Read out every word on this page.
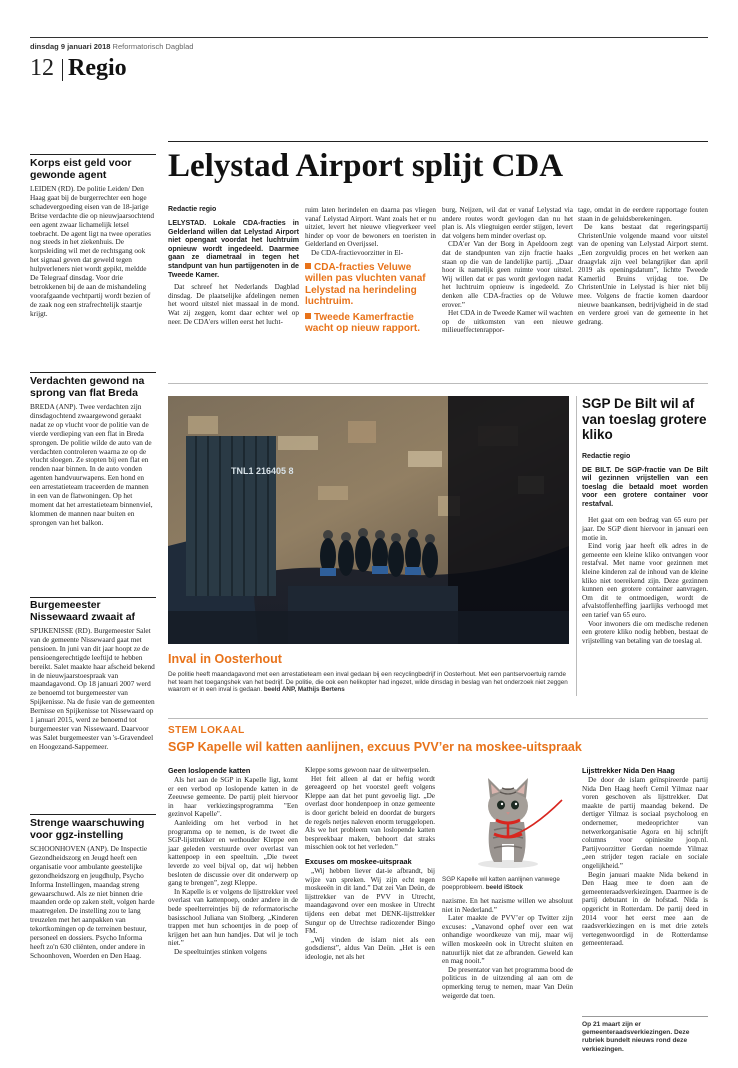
dinsdag 9 januari 2018 Reformatorisch Dagblad
12 Regio
Korps eist geld voor gewonde agent
LEIDEN (RD). De politie Leiden/ Den Haag gaat bij de burgerrechter een hoge schadevergoeding eisen van de 18-jarige Britse verdachte die op nieuwjaarsochtend een agent zwaar lichamelijk letsel toebracht. De agent ligt na twee operaties nog steeds in het ziekenhuis. De korpsleiding wil met de rechtsgang ook het signaal geven dat geweld tegen hulpverleners niet wordt gepikt, meldde De Telegraaf dinsdag. Voor drie betrokkenen bij de aan de mishandeling voorafgaande vechtpartij wordt bezien of de zaak nog een strafrechtelijk staartje krijgt.
Verdachten gewond na sprong van flat Breda
BREDA (ANP). Twee verdachten zijn dinsdagochtend zwaargewond geraakt nadat ze op vlucht voor de politie van de vierde verdieping van een flat in Breda sprongen. De politie wilde de auto van de verdachten controleren waarna ze op de vlucht sloegen. Ze stopten bij een flat en renden naar binnen. In de auto vonden agenten handvuurwapens. Een hond en een arrestatieteam traceerden de mannen in een van de flatwoningen. Op het moment dat het arrestatieteam binnenviel, klommen de mannen naar buiten en sprongen van het balkon.
Burgemeester Nissewaard zwaait af
SPIJKENISSE (RD). Burgemeester Salet van de gemeente Nissewaard gaat met pensioen. In juni van dit jaar hoopt ze de pensioengerechtigde leeftijd te hebben bereikt. Salet maakte haar afscheid bekend in de nieuwjaarstoespraak van maandagavond. Op 18 januari 2007 werd ze benoemd tot burgemeester van Spijkenisse. Na de fusie van de gemeenten Bernisse en Spijkenisse tot Nissewaard op 1 januari 2015, werd ze benoemd tot burgemeester van Nissewaard. Daarvoor was Salet burgemeester van 's-Gravendeel en Hoogezand-Sappemeer.
Strenge waarschuwing voor ggz-instelling
SCHOONHOVEN (ANP). De Inspectie Gezondheidszorg en Jeugd heeft een organisatie voor ambulante geestelijke gezondheidszorg en jeugdhulp, Psycho Informa Instellingen, maandag streng gewaarschuwd. Als ze niet binnen drie maanden orde op zaken stelt, volgen harde maatregelen. De instelling zou te lang treuzelen met het aanpakken van tekortkomingen op de terreinen bestuur, personeel en dossiers. Psycho Informa heeft zo'n 630 cliënten, onder andere in Schoonhoven, Woerden en Den Haag.
Lelystad Airport splijt CDA
Redactie regio
LELYSTAD. Lokale CDA-fracties in Gelderland willen dat Lelystad Airport niet opengaat voordat het luchtruim opnieuw wordt ingedeeld. Daarmee gaan ze diametraal in tegen het standpunt van hun partijgenoten in de Tweede Kamer.
Dat schreef het Nederlands Dagblad dinsdag. De plaatselijke afdelingen nemen het woord uitstel niet massaal in de mond. Wat zij zeggen, komt daar echter wel op neer. De CDA'ers willen eerst het lucht-
ruim laten herindelen en daarna pas vliegen vanaf Lelystad Airport. Want zoals het er nu uitziet, levert het nieuwe vliegverkeer veel hinder op voor de bewoners en toeristen in Gelderland en Overijssel.
De CDA-fractievoorzitter in El-
CDA-fracties Veluwe willen pas vluchten vanaf Lelystad na herindeling luchtruim.
Tweede Kamerfractie wacht op nieuw rapport.
burg, Neijzen, wil dat er vanaf Lelystad via andere routes wordt gevlogen dan nu het plan is. Als vliegtuigen eerder stijgen, levert dat volgens hem minder overlast op.
CDA'er Van der Borg in Apeldoorn zegt dat de standpunten van zijn fractie haaks staan op die van de landelijke partij. „Daar hoor ik namelijk geen ruimte voor uitstel. Wij willen dat er pas wordt gevlogen nadat het luchtruim opnieuw is ingedeeld. Zo denken alle CDA-fracties op de Veluwe erover.”
Het CDA in de Tweede Kamer wil wachten op de uitkomsten van een nieuwe milieueffectenrappor-
tage, omdat in de eerdere rapportage fouten staan in de geluidsberekeningen.
De kans bestaat dat regeringspartij ChristenUnie volgende maand voor uitstel van de opening van Lelystad Airport stemt. „Een zorgvuldig proces en het werken aan draagvlak zijn veel belangrijker dan april 2019 als openingsdatum”, lichtte Tweede Kamerlid Bruins vrijdag toe. De ChristenUnie in Lelystad is hier niet blij mee. Volgens de fractie komen daardoor nieuwe baankansen, bedrijvigheid in de stad en verdere groei van de gemeente in het gedrang.
TNL1 216405 8
Inval in Oosterhout
De politie heeft maandagavond met een arrestatieteam een inval gedaan bij een recyclingbedrijf in Oosterhout. Met een pantservoertuig ramde het team het toegangshek van het bedrijf. De politie, die ook een helikopter had ingezet, wilde dinsdag in beslag van het onderzoek niet zeggen waarom er in een inval is gedaan. beeld ANP, Mathijs Bertens
SGP De Bilt wil af van toeslag grotere kliko
Redactie regio
DE BILT. De SGP-fractie van De Bilt wil gezinnen vrijstellen van een toeslag die betaald moet worden voor een grotere container voor restafval.
Het gaat om een bedrag van 65 euro per jaar. De SGP dient hiervoor in januari een motie in.
Eind vorig jaar heeft elk adres in de gemeente een kleine kliko ontvangen voor restafval. Met name voor gezinnen met kleine kinderen zal de inhoud van de kleine kliko niet toereikend zijn. Deze gezinnen kunnen een grotere container aanvragen. Om dit te ontmoedigen, wordt de afvalstoffenheffing jaarlijks verhoogd met een tarief van 65 euro.
Voor inwoners die om medische redenen een grotere kliko nodig hebben, bestaat de vrijstelling van betaling van de toeslag al.
STEM LOKAAL
SGP Kapelle wil katten aanlijnen, excuus PVV’er na moskee-uitspraak
Geen loslopende katten
Als het aan de SGP in Kapelle ligt, komt er een verbod op loslopende katten in de Zeeuwse gemeente. De partij pleit hiervoor in haar verkiezingsprogramma "Een gezinvol Kapelle".
Aanleiding om het verbod in het programma op te nemen, is de tweet die SGP-lijsttrekker en wethouder Kleppe een jaar geleden verstuurde over overlast van kattenpoep in een speeltuin. „Die tweet leverde zo veel bijval op, dat wij hebben besloten de discussie over dit onderwerp op gang te brengen”, zegt Kleppe.
In Kapelle is er volgens de lijsttrekker veel overlast van kattenpoep, onder andere in de bede speelterreintjes bij de reformatorische basisschool Juliana van Stolberg. „Kinderen trappen met hun schoentjes in de poep of krijgen het aan hun handjes. Dat wil je toch niet.”
De speeltuintjes stinken volgens
Kleppe soms gewoon naar de uitwerpselen.
Het feit alleen al dat er heftig wordt gereageerd op het voorstel geeft volgens Kleppe aan dat het punt gevoelig ligt. „De overlast door hondenpoep in onze gemeente is door gericht beleid en doordat de burgers de regels netjes naleven enorm teruggelopen. Als we het probleem van loslopende katten bespreekbaar maken, behoort dat straks misschien ook tot het verleden.”
Excuses om moskee-uitspraak
„Wij hebben liever dat-ie afbrandt, bij wijze van spreken. Wij zijn echt tegen moskeeën in dit land.” Dat zei Van Deün, de lijsttrekker van de PVV in Utrecht, maandagavond over een moskee in Utrecht tijdens een debat met DENK-lijsttrekker Sungur op de Utrechtse radiozender Bingo FM.
„Wij vinden de islam niet als een godsdienst”, aldus Van Deün. „Het is een ideologie, net als het
SGP Kapelle wil katten aanlijnen vanwege poepprobleem. beeld iStock
nazisme. En het nazisme willen we absoluut niet in Nederland.”
Later maakte de PVV’er op Twitter zijn excuses: „Vanavond ophef over een wat onhandige woordkeuze van mij, maar wij willen moskeeën ook in Utrecht sluiten en natuurlijk niet dat ze afbranden. Geweld kan en mag nooit.”
De presentator van het programma bood de politicus in de uitzending al aan om de opmerking terug te nemen, maar Van Deün weigerde dat toen.
Lijsttrekker Nida Den Haag
De door de islam geïnspireerde partij Nida Den Haag heeft Cemil Yilmaz naar voren geschoven als lijsttrekker. Dat maakte de partij maandag bekend. De dertiger Yilmaz is sociaal psycholoog en ondernemer, medeoprichter van netwerkorganisatie Agora en hij schrijft columns voor opiniesite joop.nl. Partijvoorzitter Gerdan noemde Yilmaz „een strijder tegen raciale en sociale ongelijkheid.”
Begin januari maakte Nida bekend in Den Haag mee te doen aan de gemeenteraadsverkiezingen. Daarmee is de partij debutant in de hofstad. Nida is opgericht in Rotterdam. De partij deed in 2014 voor het eerst mee aan de raadsverkiezingen en is met drie zetels vertegenwoordigd in de Rotterdamse gemeenteraad.
Op 21 maart zijn er gemeenteraadsverkiezingen. Deze rubriek bundelt nieuws rond deze verkiezingen.
